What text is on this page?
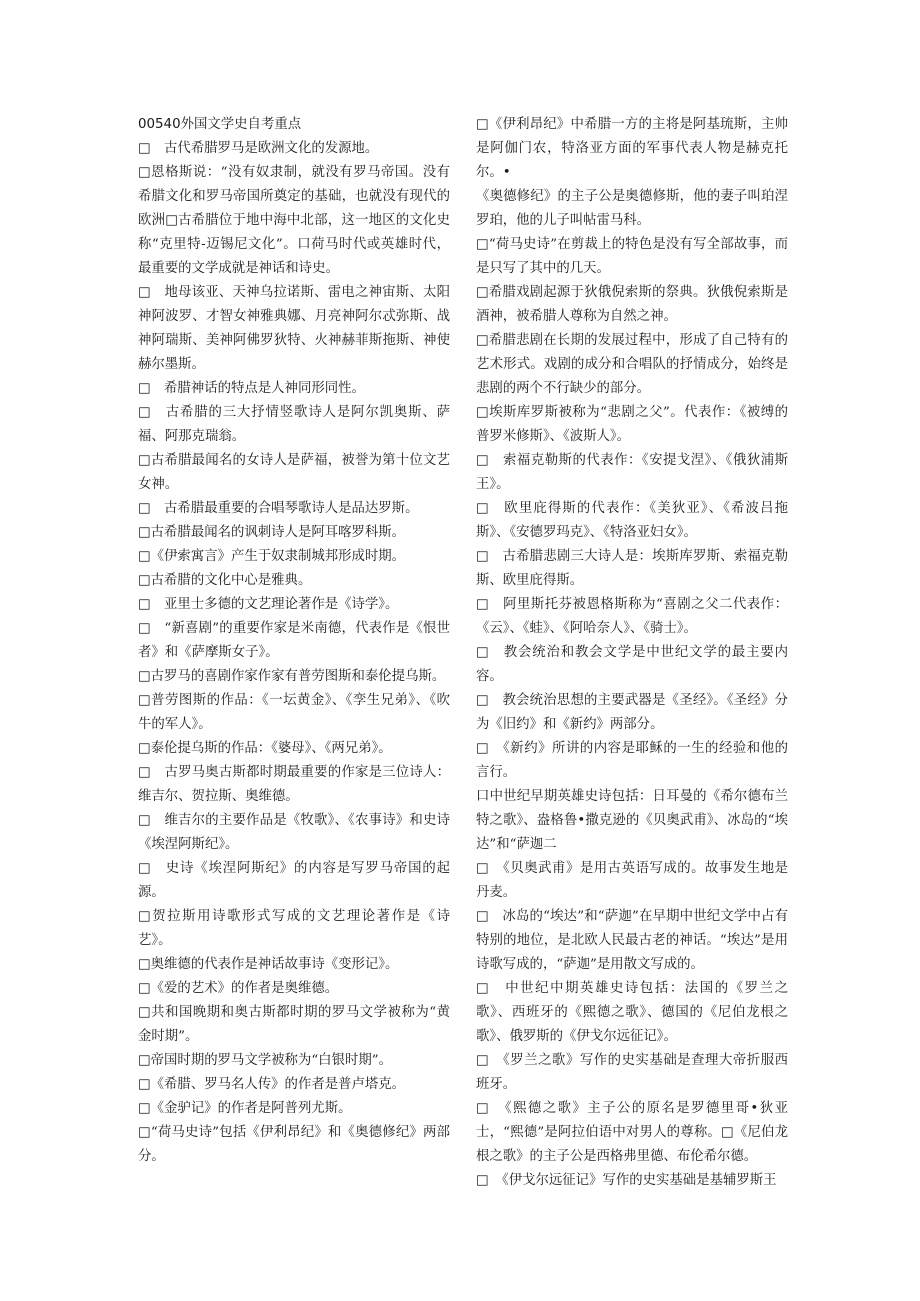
00540外国文学史自考重点

□　古代希腊罗马是欧洲文化的发源地。

□恩格斯说：“没有奴隶制，就没有罗马帝国。没有希腊文化和罗马帝国所奠定的基础，也就没有现代的欧洲□古希腊位于地中海中北部，这一地区的文化史称“克里特-迈锡尼文化”。口荷马时代或英雄时代，最重要的文学成就是神话和诗史。

□　地母该亚、天神乌拉诺斯、雷电之神宙斯、太阳神阿波罗、才智女神雅典娜、月亮神阿尔忒弥斯、战神阿瑞斯、美神阿佛罗狄特、火神赫菲斯拖斯、神使赫尔墨斯。

□　希腊神话的特点是人神同形同性。

□　古希腊的三大抒情竖歌诗人是阿尔凯奥斯、萨福、阿那克瑞翁。

□古希腊最闻名的女诗人是萨福，被誉为第十位文艺女神。

□　古希腊最重要的合唱琴歌诗人是品达罗斯。

□古希腊最闻名的讽刺诗人是阿耳喀罗科斯。

□《伊索寓言》产生于奴隶制城邦形成时期。

□古希腊的文化中心是雅典。

□　亚里士多德的文艺理论著作是《诗学》。

□　“新喜剧”的重要作家是米南德，代表作是《恨世者》和《萨摩斯女子》。

□古罗马的喜剧作家作家有普劳图斯和泰伦提乌斯。

□普劳图斯的作品：《一坛黄金》、《孪生兄弟》、《吹牛的军人》。

□泰伦提乌斯的作品：《婆母》、《两兄弟》。

□　古罗马奥古斯都时期最重要的作家是三位诗人：维吉尔、贺拉斯、奥维德。

□　维吉尔的主要作品是《牧歌》、《农事诗》和史诗《埃涅阿斯纪》。

□　史诗《埃涅阿斯纪》的内容是写罗马帝国的起源。

□贺拉斯用诗歌形式写成的文艺理论著作是《诗艺》。

□奥维德的代表作是神话故事诗《变形记》。

□《爱的艺术》的作者是奥维德。

□共和国晚期和奥古斯都时期的罗马文学被称为“黄金时期”。

□帝国时期的罗马文学被称为“白银时期”。

□《希腊、罗马名人传》的作者是普卢塔克。

□《金驴记》的作者是阿普列尤斯。

□“荷马史诗”包括《伊利昂纪》和《奥德修纪》两部分。

□《伊利昂纪》中希腊一方的主将是阿基琉斯，主帅是阿伽门农，特洛亚方面的军事代表人物是赫克托尔。•

《奥德修纪》的主子公是奥德修斯，他的妻子叫珀涅罗珀，他的儿子叫帖雷马科。

□“荷马史诗”在剪裁上的特色是没有写全部故事，而是只写了其中的几天。

□希腊戏剧起源于狄俄倪索斯的祭典。狄俄倪索斯是酒神，被希腊人尊称为自然之神。

□希腊悲剧在长期的发展过程中，形成了自己特有的艺术形式。戏剧的成分和合唱队的抒情成分，始终是悲剧的两个不行缺少的部分。

□埃斯库罗斯被称为“悲剧之父”。代表作：《被缚的普罗米修斯》、《波斯人》。

□　索福克勒斯的代表作：《安提戈涅》、《俄狄浦斯王》。

□　欧里庇得斯的代表作：《美狄亚》、《希波吕拖斯》、《安德罗玛克》、《特洛亚妇女》。

□　古希腊悲剧三大诗人是：埃斯库罗斯、索福克勒斯、欧里庇得斯。

□　阿里斯托芬被恩格斯称为“喜剧之父二代表作：《云》、《蛙》、《阿哈奈人》、《骑士》。

□　教会统治和教会文学是中世纪文学的最主要内容。

□　教会统治思想的主要武器是《圣经》。《圣经》分为《旧约》和《新约》两部分。

□　《新约》所讲的内容是耶稣的一生的经验和他的言行。

口中世纪早期英雄史诗包括：日耳曼的《希尔德布兰特之歌》、盎格鲁•撒克逊的《贝奥武甫》、冰岛的“埃达”和“萨迦二

□　《贝奥武甫》是用古英语写成的。故事发生地是丹麦。

□　冰岛的“埃达”和“萨迦”在早期中世纪文学中占有特别的地位，是北欧人民最古老的神话。“埃达”是用诗歌写成的，“萨迦”是用散文写成的。

□　中世纪中期英雄史诗包括：法国的《罗兰之歌》、西班牙的《熙德之歌》、德国的《尼伯龙根之歌》、俄罗斯的《伊戈尔远征记》。

□　《罗兰之歌》写作的史实基础是查理大帝折服西班牙。

□　《熙德之歌》主子公的原名是罗德里哥•狄亚士，“熙德”是阿拉伯语中对男人的尊称。□《尼伯龙根之歌》的主子公是西格弗里德、布伦希尔德。

□　《伊戈尔远征记》写作的史实基础是基辅罗斯王
